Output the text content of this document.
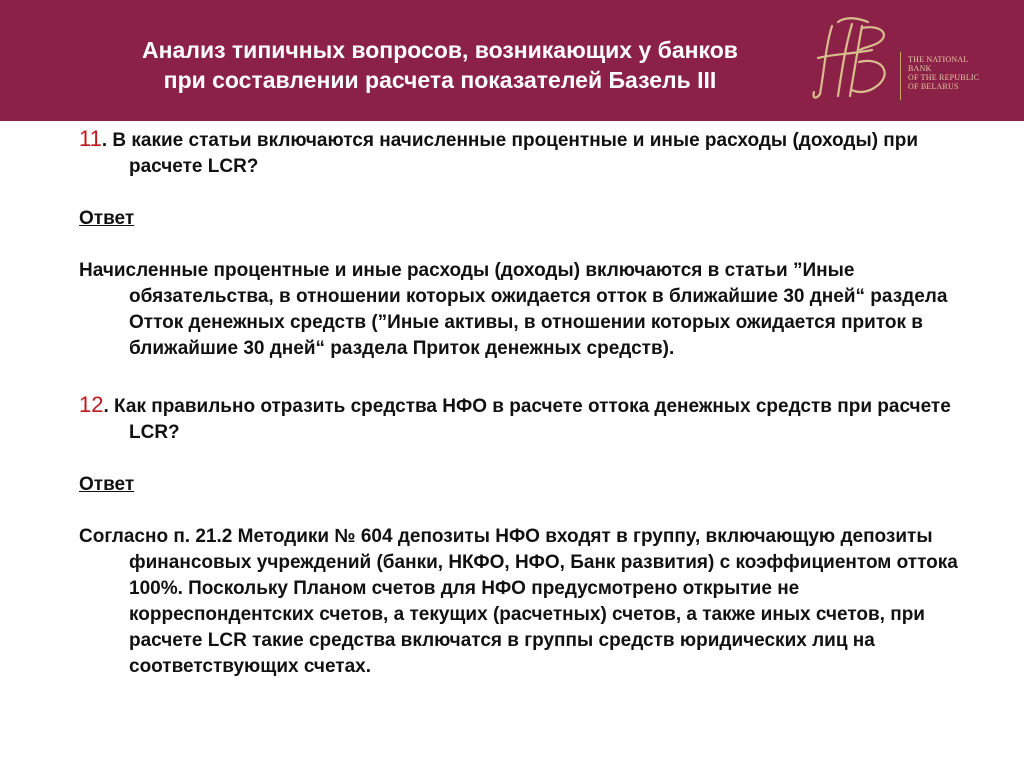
Анализ типичных вопросов, возникающих у банков
при составлении расчета показателей Базель III	НБ
THE NATIONAL
BANK
OF THE REPUBLIC
OF BELARUS

11. В какие статьи включаются начисленные процентные и иные расходы (доходы) при расчете LCR?

Ответ

Начисленные процентные и иные расходы (доходы) включаются в статьи ”Иные обязательства, в отношении которых ожидается отток в ближайшие 30 дней“ раздела Отток денежных средств (”Иные активы, в отношении которых ожидается приток в ближайшие 30 дней“ раздела Приток денежных средств).

12. Как правильно отразить средства НФО в расчете оттока денежных средств при расчете LCR?

Ответ

Согласно п. 21.2 Методики № 604 депозиты НФО входят в группу, включающую депозиты финансовых учреждений (банки, НКФО, НФО, Банк развития) с коэффициентом оттока 100%. Поскольку Планом счетов для НФО предусмотрено открытие не корреспондентских счетов, а текущих (расчетных) счетов, а также иных счетов, при расчете LCR такие средства включатся в группы средств юридических лиц на соответствующих счетах.
